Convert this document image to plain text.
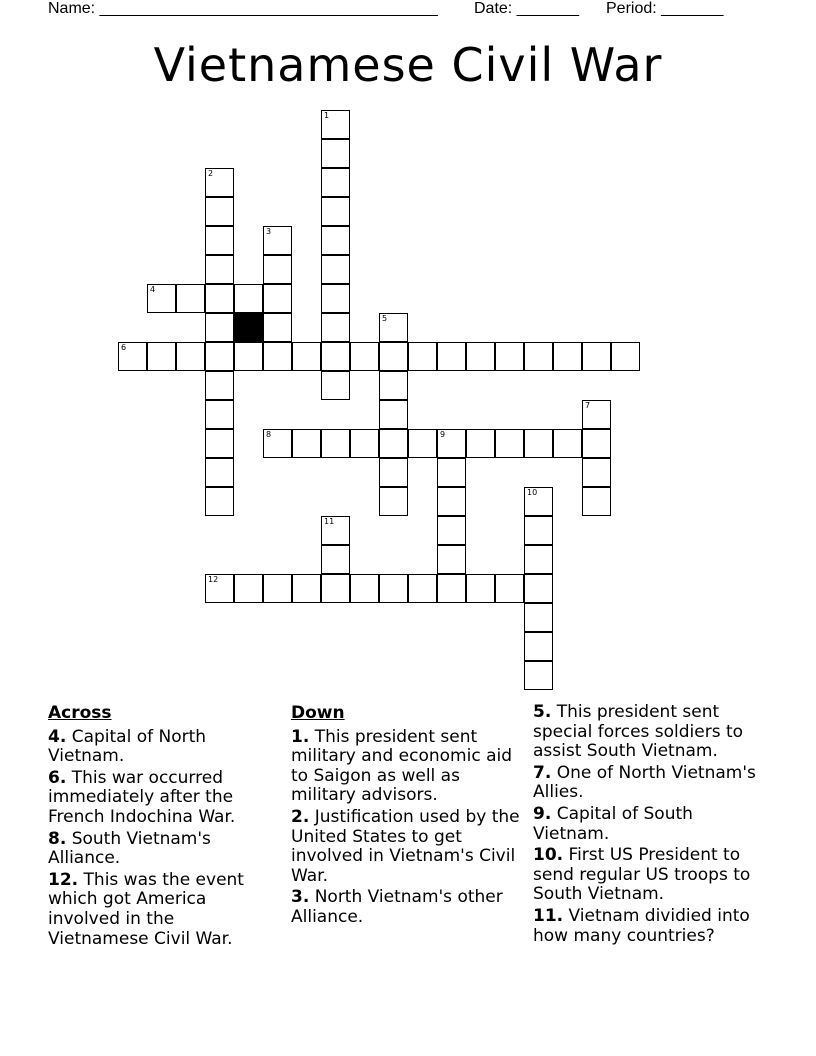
Name: ______________________________________ Date: _______ Period: _______
Vietnamese Civil War
1
2
3
4
5
6
7
8	9
10
11
12
Across
4. Capital of North Vietnam.
6. This war occurred immediately after the French Indochina War.
8. South Vietnam's Alliance.
12. This was the event which got America involved in the Vietnamese Civil War.
Down
1. This president sent military and economic aid to Saigon as well as military advisors.
2. Justification used by the United States to get involved in Vietnam's Civil War.
3. North Vietnam's other Alliance.
5. This president sent special forces soldiers to assist South Vietnam.
7. One of North Vietnam's Allies.
9. Capital of South Vietnam.
10. First US President to send regular US troops to South Vietnam.
11. Vietnam dividied into how many countries?
